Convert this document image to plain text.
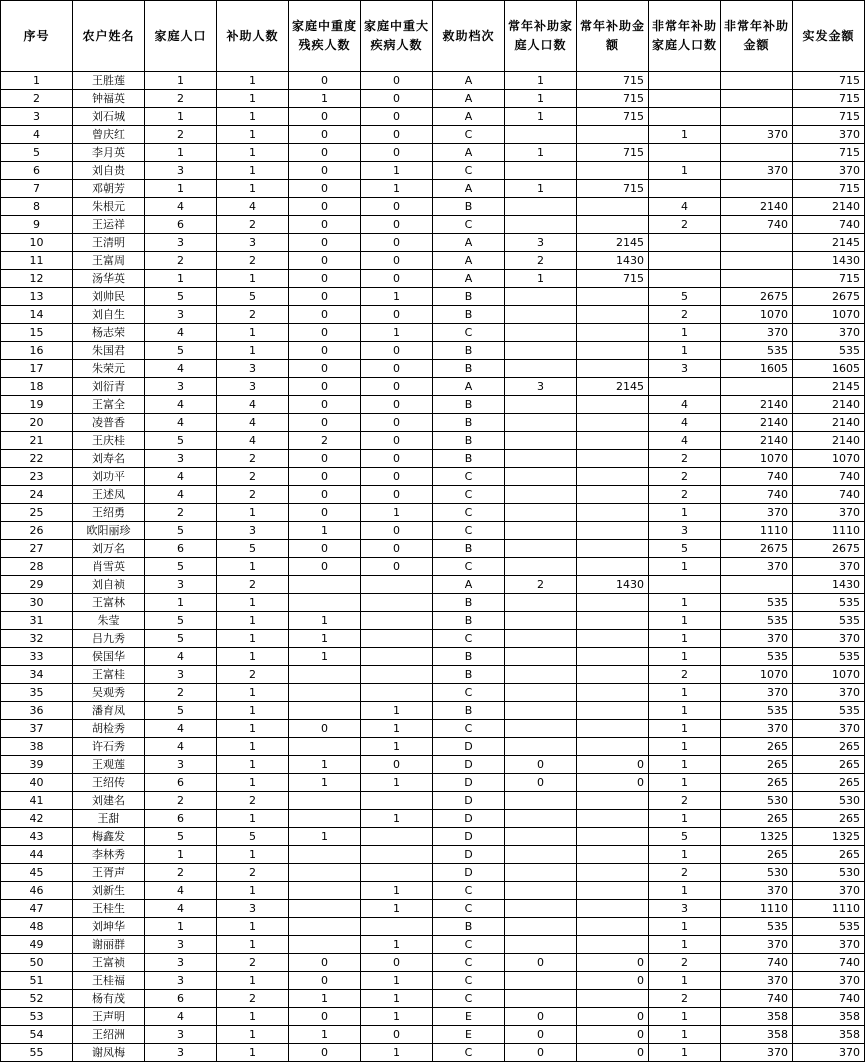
序号	农户姓名	家庭人口	补助人数	家庭中重度残疾人数	家庭中重大疾病人数	救助档次	常年补助家庭人口数	常年补助金额	非常年补助家庭人口数	非常年补助金额	实发金额
1	王胜莲	1	1	0	0	A	1	715			715
2	钟福英	2	1	1	0	A	1	715			715
3	刘石城	1	1	0	0	A	1	715			715
4	曾庆红	2	1	0	0	C			1	370	370
5	李月英	1	1	0	0	A	1	715			715
6	刘自贵	3	1	0	1	C			1	370	370
7	邓朝芳	1	1	0	1	A	1	715			715
8	朱根元	4	4	0	0	B			4	2140	2140
9	王运祥	6	2	0	0	C			2	740	740
10	王清明	3	3	0	0	A	3	2145			2145
11	王富周	2	2	0	0	A	2	1430			1430
12	汤华英	1	1	0	0	A	1	715			715
13	刘帅民	5	5	0	1	B			5	2675	2675
14	刘自生	3	2	0	0	B			2	1070	1070
15	杨志荣	4	1	0	1	C			1	370	370
16	朱国君	5	1	0	0	B			1	535	535
17	朱荣元	4	3	0	0	B			3	1605	1605
18	刘衍青	3	3	0	0	A	3	2145			2145
19	王富全	4	4	0	0	B			4	2140	2140
20	凌普香	4	4	0	0	B			4	2140	2140
21	王庆桂	5	4	2	0	B			4	2140	2140
22	刘寿名	3	2	0	0	B			2	1070	1070
23	刘功平	4	2	0	0	C			2	740	740
24	王述凤	4	2	0	0	C			2	740	740
25	王绍勇	2	1	0	1	C			1	370	370
26	欧阳丽珍	5	3	1	0	C			3	1110	1110
27	刘万名	6	5	0	0	B			5	2675	2675
28	肖雪英	5	1	0	0	C			1	370	370
29	刘自祯	3	2			A	2	1430			1430
30	王富林	1	1			B			1	535	535
31	朱莹	5	1	1		B			1	535	535
32	吕九秀	5	1	1		C			1	370	370
33	侯国华	4	1	1		B			1	535	535
34	王富桂	3	2			B			2	1070	1070
35	吴观秀	2	1			C			1	370	370
36	潘育凤	5	1		1	B			1	535	535
37	胡检秀	4	1	0	1	C			1	370	370
38	许石秀	4	1		1	D			1	265	265
39	王观莲	3	1	1	0	D	0	0	1	265	265
40	王绍传	6	1	1	1	D	0	0	1	265	265
41	刘建名	2	2			D			2	530	530
42	王甜	6	1		1	D			1	265	265
43	梅鑫发	5	5	1		D			5	1325	1325
44	李林秀	1	1			D			1	265	265
45	王胥声	2	2			D			2	530	530
46	刘新生	4	1		1	C			1	370	370
47	王桂生	4	3		1	C			3	1110	1110
48	刘坤华	1	1			B			1	535	535
49	谢丽群	3	1		1	C			1	370	370
50	王富祯	3	2	0	0	C	0	0	2	740	740
51	王桂福	3	1	0	1	C		0	1	370	370
52	杨有茂	6	2	1	1	C			2	740	740
53	王声明	4	1	0	1	E	0	0	1	358	358
54	王绍洲	3	1	1	0	E	0	0	1	358	358
55	谢凤梅	3	1	0	1	C	0	0	1	370	370
